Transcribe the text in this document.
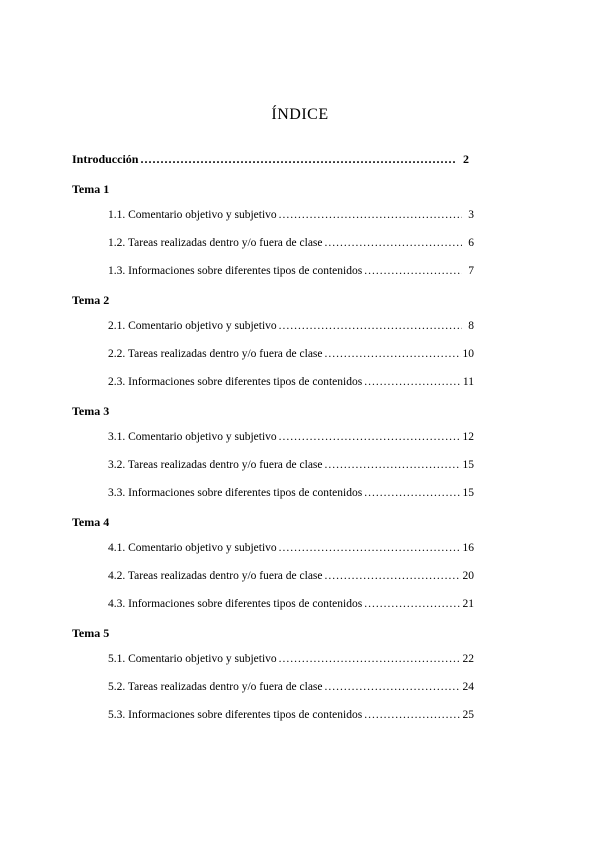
ÍNDICE
Introducción .....	2
Tema 1
1.1. Comentario objetivo y subjetivo .....	3
1.2. Tareas realizadas dentro y/o fuera de clase .....	6
1.3. Informaciones sobre diferentes tipos de contenidos .....	7
Tema 2
2.1. Comentario objetivo y subjetivo .....	8
2.2. Tareas realizadas dentro y/o fuera de clase .....	10
2.3. Informaciones sobre diferentes tipos de contenidos .....	11
Tema 3
3.1. Comentario objetivo y subjetivo .....	12
3.2. Tareas realizadas dentro y/o fuera de clase .....	15
3.3. Informaciones sobre diferentes tipos de contenidos .....	15
Tema 4
4.1. Comentario objetivo y subjetivo .....	16
4.2. Tareas realizadas dentro y/o fuera de clase .....	20
4.3. Informaciones sobre diferentes tipos de contenidos .....	21
Tema 5
5.1. Comentario objetivo y subjetivo .....	22
5.2. Tareas realizadas dentro y/o fuera de clase .....	24
5.3. Informaciones sobre diferentes tipos de contenidos .....	25
